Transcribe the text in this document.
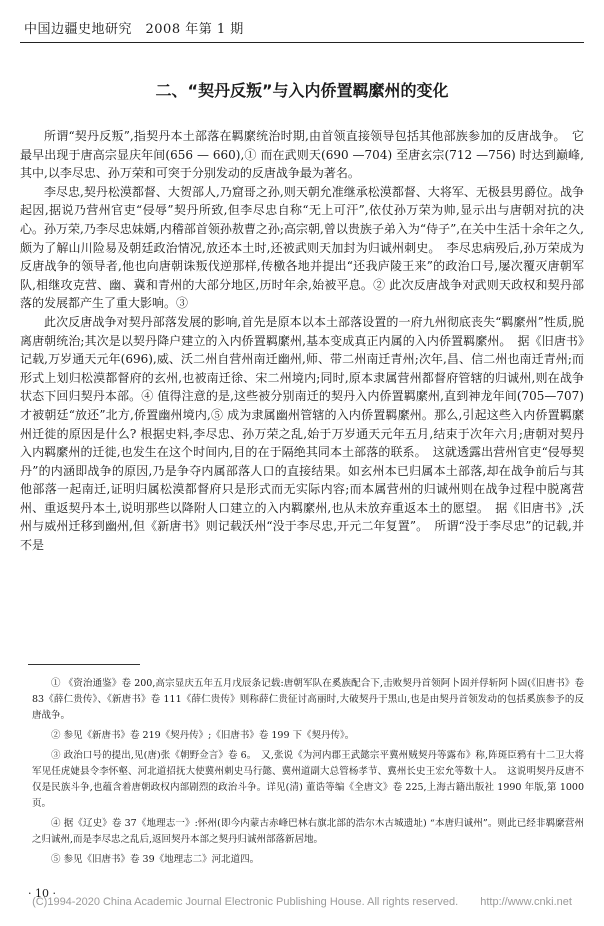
中国边疆史地研究　2008 年第 1 期
二、“契丹反叛”与入内侨置羁縻州的变化

所谓“契丹反叛”,指契丹本土部落在羁縻统治时期,由首领直接领导包括其他部族参加的反唐战争。　它最早出现于唐高宗显庆年间(656 — 660),① 而在武则天(690 —704) 至唐玄宗(712 —756) 时达到巅峰,其中,以李尽忠、孙万荣和可突于分别发动的反唐战争最为著名。

李尽忠,契丹松漠都督、大贺部人,乃窟哥之孙,则天朝允准继承松漠都督、大将军、无极县男爵位。战争起因,据说乃营州官吏“侵辱”契丹所致,但李尽忠自称“无上可汗”,依仗孙万荣为帅,显示出与唐朝对抗的决心。孙万荣,乃李尽忠妹婿,内稽部首领孙敖曹之孙;高宗朝,曾以贵族子弟入为“侍子”,在关中生活十余年之久,颇为了解山川险易及朝廷政治情况,放还本土时,还被武则天加封为归诚州刺史。　李尽忠病殁后,孙万荣成为反唐战争的领导者,他也向唐朝诛叛伐逆那样,传檄各地并提出“还我庐陵王来”的政治口号,屡次覆灭唐朝军队,相继攻克营、幽、冀和青州的大部分地区,历时年余,始被平息。② 此次反唐战争对武则天政权和契丹部落的发展都产生了重大影响。③

此次反唐战争对契丹部落发展的影响,首先是原本以本土部落设置的一府九州彻底丧失“羁縻州”性质,脱离唐朝统治;其次是以契丹降户建立的入内侨置羁縻州,基本变成真正内属的入内侨置羁縻州。　据《旧唐书》记载,万岁通天元年(696),威、沃二州自营州南迁幽州,师、带二州南迁青州;次年,昌、信二州也南迁青州;而形式上划归松漠都督府的玄州,也被南迁徐、宋二州境内;同时,原本隶属营州都督府管辖的归诚州,则在战争状态下回归契丹本部。④ 值得注意的是,这些被分别南迁的契丹入内侨置羁縻州,直到神龙年间(705—707) 才被朝廷“放还”北方,侨置幽州境内,⑤ 成为隶属幽州管辖的入内侨置羁縻州。那么,引起这些入内侨置羁縻州迁徙的原因是什么? 根据史料,李尽忠、孙万荣之乱,始于万岁通天元年五月,结束于次年六月;唐朝对契丹入内羁縻州的迁徙,也发生在这个时间内,目的在于隔绝其同本土部落的联系。　这就透露出营州官吏“侵辱契丹”的内涵即战争的原因,乃是争夺内属部落人口的直接结果。如玄州本已归属本土部落,却在战争前后与其他部落一起南迁,证明归属松漠都督府只是形式而无实际内容;而本属营州的归诚州则在战争过程中脱离营州、重返契丹本土,说明那些以降附人口建立的入内羁縻州,也从未放弃重返本土的愿望。　据《旧唐书》,沃州与威州迁移到幽州,但《新唐书》则记载沃州“没于李尽忠,开元二年复置”。　所谓“没于李尽忠”的记载,并不是

① 《资治通鉴》卷 200,高宗显庆五年五月戊辰条记载:唐朝军队在奚族配合下,击败契丹首领阿卜固并俘斩阿卜固(《旧唐书》卷 83《薛仁贵传》、《新唐书》卷 111《薛仁贵传》则称薛仁贵征讨高丽时,大破契丹于黑山,也是由契丹首领发动的包括奚族参予的反唐战争。

② 参见《新唐书》卷 219《契丹传》;《旧唐书》卷 199 下《契丹传》。

③ 政治口号的提出,见(唐)张《朝野佥言》卷 6。　又,张说《为河内郡王武懿宗平冀州贼契丹等露布》称,阵斑臣鸦有十二卫大将军见任虎婕县令李怀壑、河北道招抚大使冀州刺史马行懿、冀州道副大总管杨孝节、冀州长史王宏允等数十人。　这说明契丹反唐不仅是民族斗争,也蕴含着唐朝政权内部剧烈的政治斗争。详见(清) 董诰等编《全唐文》卷 225,上海古籍出版社 1990 年版,第 1000 页。

④ 据《辽史》卷 37《地理志一》:怀州(即今内蒙古赤峰巴林右旗北部的浩尔木古城遗址) “本唐归诚州”。则此已经非羁縻营州之归诚州,而是李尽忠之乱后,返回契丹本部之契丹归诚州部落新居地。

⑤ 参见《旧唐书》卷 39《地理志二》河北道四。

· 10 ·
(C)1994-2020 China Academic Journal Electronic Publishing House. All rights reserved.　　http://www.cnki.net
